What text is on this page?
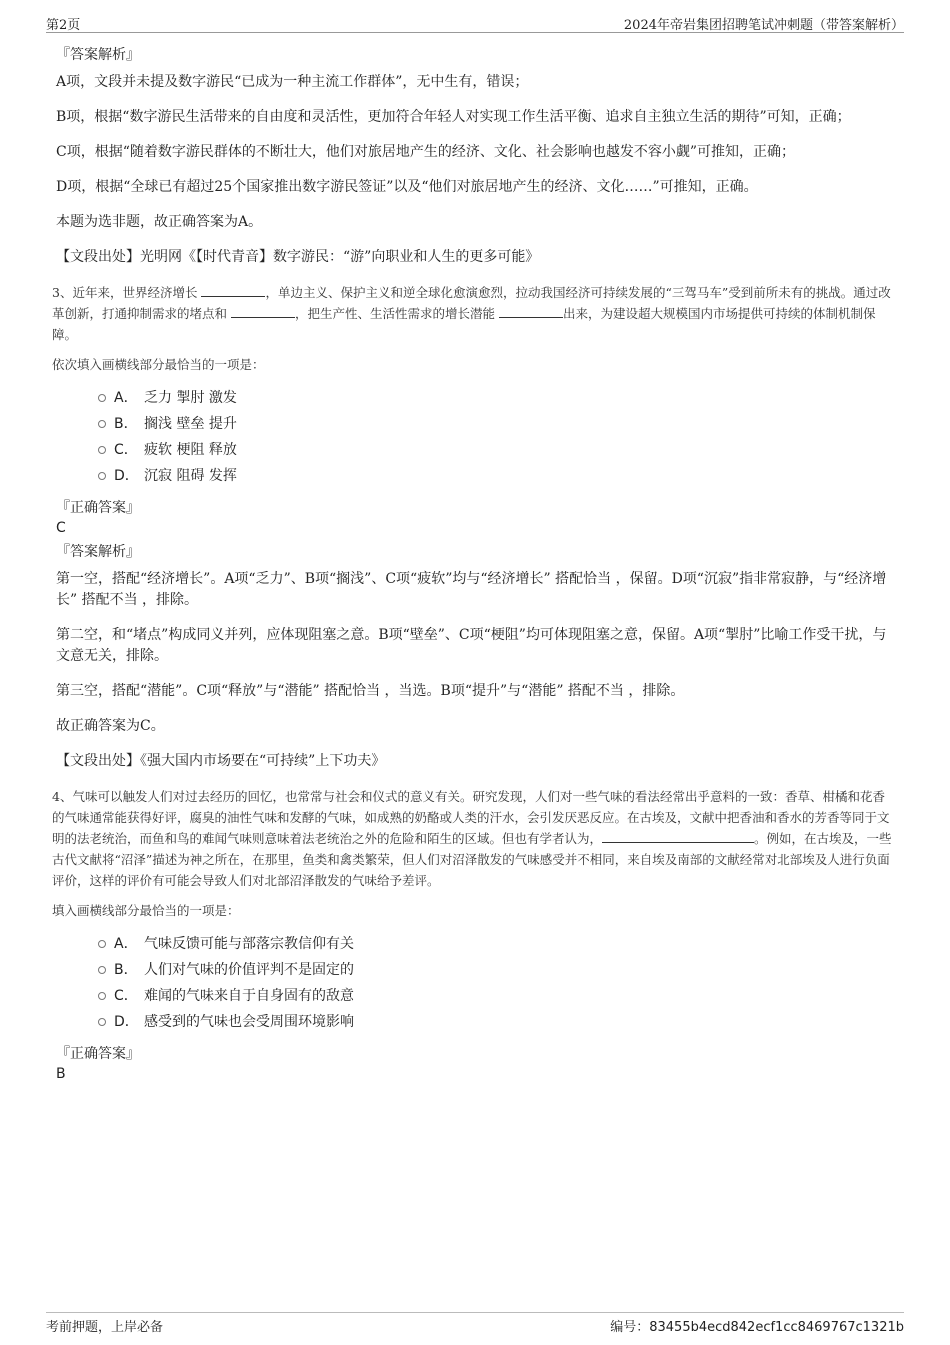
第2页	2024年帝岩集团招聘笔试冲刺题（带答案解析）
『答案解析』

A项，文段并未提及数字游民“已成为一种主流工作群体”，无中生有，错误；

B项，根据“数字游民生活带来的自由度和灵活性，更加符合年轻人对实现工作生活平衡、追求自主独立生活的期待”可知，正确；

C项，根据“随着数字游民群体的不断壮大，他们对旅居地产生的经济、文化、社会影响也越发不容小觑”可推知，正确；

D项，根据“全球已有超过25个国家推出数字游民签证”以及“他们对旅居地产生的经济、文化……”可推知，正确。

本题为选非题，故正确答案为A。

【文段出处】光明网《【时代青音】数字游民：“游”向职业和人生的更多可能》

3、近年来，世界经济增长	，单边主义、保护主义和逆全球化愈演愈烈，拉动我国经济可持续发展的“三驾马车”受到前所未有的挑战。通过改革创新，打通抑制需求的堵点和	，把生产性、生活性需求的增长潜能	出来，为建设超大规模国内市场提供可持续的体制机制保障。
依次填入画横线部分最恰当的一项是：
A． 乏力 掣肘 激发
B． 搁浅 壁垒 提升
C． 疲软 梗阻 释放
D． 沉寂 阻碍 发挥
『正确答案』
C
『答案解析』

第一空，搭配“经济增长”。A项“乏力”、B项“搁浅”、C项“疲软”均与“经济增长” 搭配恰当 ，保留。D项“沉寂”指非常寂静，与“经济增长” 搭配不当 ，排除。

第二空，和“堵点”构成同义并列，应体现阻塞之意。B项“壁垒”、C项“梗阻”均可体现阻塞之意，保留。A项“掣肘”比喻工作受干扰，与文意无关，排除。

第三空，搭配“潜能”。C项“释放”与“潜能” 搭配恰当 ，当选。B项“提升”与“潜能” 搭配不当 ，排除。

故正确答案为C。

【文段出处】《强大国内市场要在“可持续”上下功夫》

4、气味可以触发人们对过去经历的回忆，也常常与社会和仪式的意义有关。研究发现，人们对一些气味的看法经常出乎意料的一致：香草、柑橘和花香的气味通常能获得好评，腐臭的油性气味和发酵的气味，如成熟的奶酪或人类的汗水，会引发厌恶反应。在古埃及，文献中把香油和香水的芳香等同于文明的法老统治，而鱼和鸟的难闻气味则意味着法老统治之外的危险和陌生的区域。但也有学者认为，	。例如，在古埃及，一些古代文献将“沼泽”描述为神之所在，在那里，鱼类和禽类繁荣，但人们对沼泽散发的气味感受并不相同，来自埃及南部的文献经常对北部埃及人进行负面评价，这样的评价有可能会导致人们对北部沼泽散发的气味给予差评。
填入画横线部分最恰当的一项是：
A． 气味反馈可能与部落宗教信仰有关
B． 人们对气味的价值评判不是固定的
C． 难闻的气味来自于自身固有的敌意
D． 感受到的气味也会受周围环境影响
『正确答案』
B
考前押题，上岸必备	编号：83455b4ecd842ecf1cc8469767c1321b
